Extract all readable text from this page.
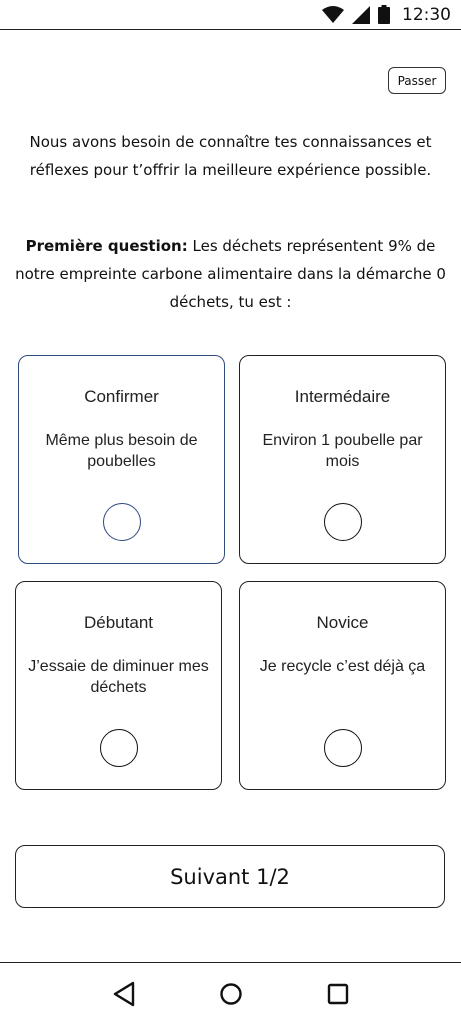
12:30
Passer

Nous avons besoin de connaître tes connaissances et réflexes pour t’offrir la meilleure expérience possible.

Première question: Les déchets représentent 9% de notre empreinte carbone alimentaire dans la démarche 0 déchets, tu est :

Confirmer
Même plus besoin de poubelles
Intermédaire
Environ 1 poubelle par mois
Débutant
J’essaie de diminuer mes déchets
Novice
Je recycle c’est déjà ça
Suivant 1/2
